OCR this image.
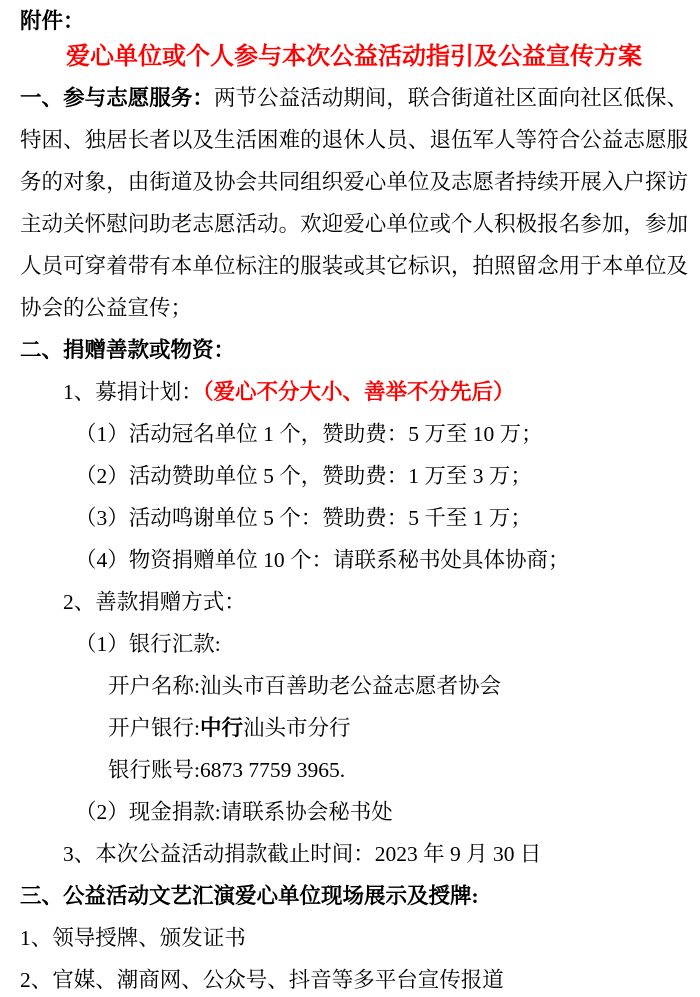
附件：
爱心单位或个人参与本次公益活动指引及公益宣传方案
一、参与志愿服务：两节公益活动期间，联合街道社区面向社区低保、
特困、独居长者以及生活困难的退休人员、退伍军人等符合公益志愿服
务的对象，由街道及协会共同组织爱心单位及志愿者持续开展入户探访
主动关怀慰问助老志愿活动。欢迎爱心单位或个人积极报名参加，参加
人员可穿着带有本单位标注的服装或其它标识，拍照留念用于本单位及
协会的公益宣传；
二、捐赠善款或物资：
1、募捐计划：（爱心不分大小、善举不分先后）
（1）活动冠名单位 1 个，赞助费：5 万至 10 万；
（2）活动赞助单位 5 个，赞助费：1 万至 3 万；
（3）活动鸣谢单位 5 个：赞助费：5 千至 1 万；
（4）物资捐赠单位 10 个：请联系秘书处具体协商；
2、善款捐赠方式：
（1）银行汇款:
开户名称:汕头市百善助老公益志愿者协会
开户银行:中行汕头市分行
银行账号:6873 7759 3965.
（2）现金捐款:请联系协会秘书处
3、本次公益活动捐款截止时间：2023 年 9 月 30 日
三、公益活动文艺汇演爱心单位现场展示及授牌:
1、领导授牌、颁发证书
2、官媒、潮商网、公众号、抖音等多平台宣传报道
